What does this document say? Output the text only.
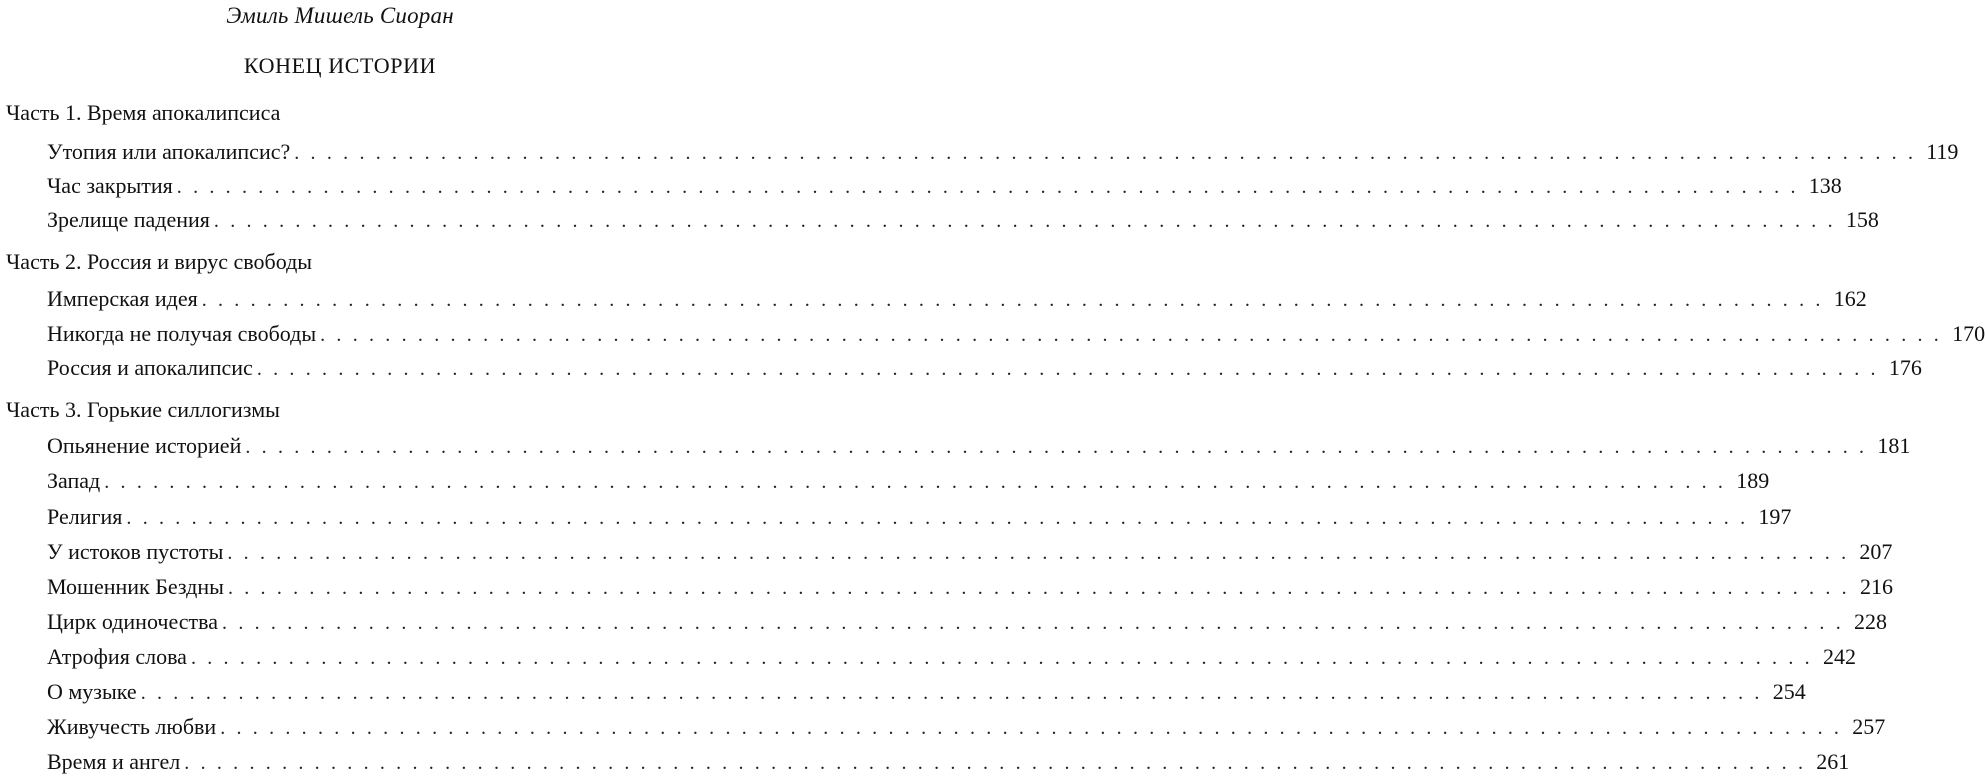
Эмиль Мишель Сиоран
КОНЕЦ ИСТОРИИ
Часть 1. Время апокалипсиса
Утопия или апокалипсис? .................................................................................................... 119
Час закрытия .................................................................................................... 138
Зрелище падения .................................................................................................... 158
Часть 2. Россия и вирус свободы
Имперская идея .................................................................................................... 162
Никогда не получая свободы .................................................................................................... 170
Россия и апокалипсис .................................................................................................... 176
Часть 3. Горькие силлогизмы
Опьянение историей .................................................................................................... 181
Запад .................................................................................................... 189
Религия .................................................................................................... 197
У истоков пустоты .................................................................................................... 207
Мошенник Бездны .................................................................................................... 216
Цирк одиночества .................................................................................................... 228
Атрофия слова .................................................................................................... 242
О музыке .................................................................................................... 254
Живучесть любви .................................................................................................... 257
Время и ангел .................................................................................................... 261
